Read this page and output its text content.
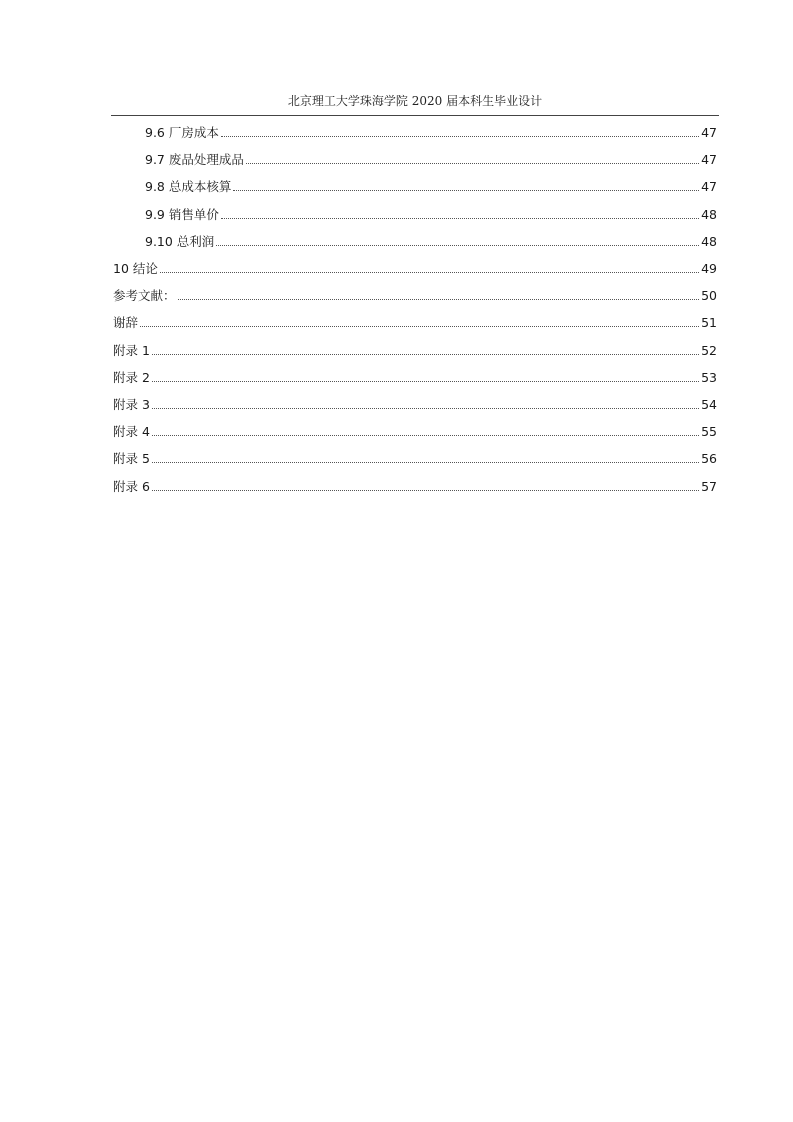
北京理工大学珠海学院 2020 届本科生毕业设计
9.6 厂房成本	47
9.7 废品处理成品	47
9.8 总成本核算	47
9.9 销售单价	48
9.10 总利润	48
10 结论	49
参考文献：	50
谢辞	51
附录 1	52
附录 2	53
附录 3	54
附录 4	55
附录 5	56
附录 6	57
